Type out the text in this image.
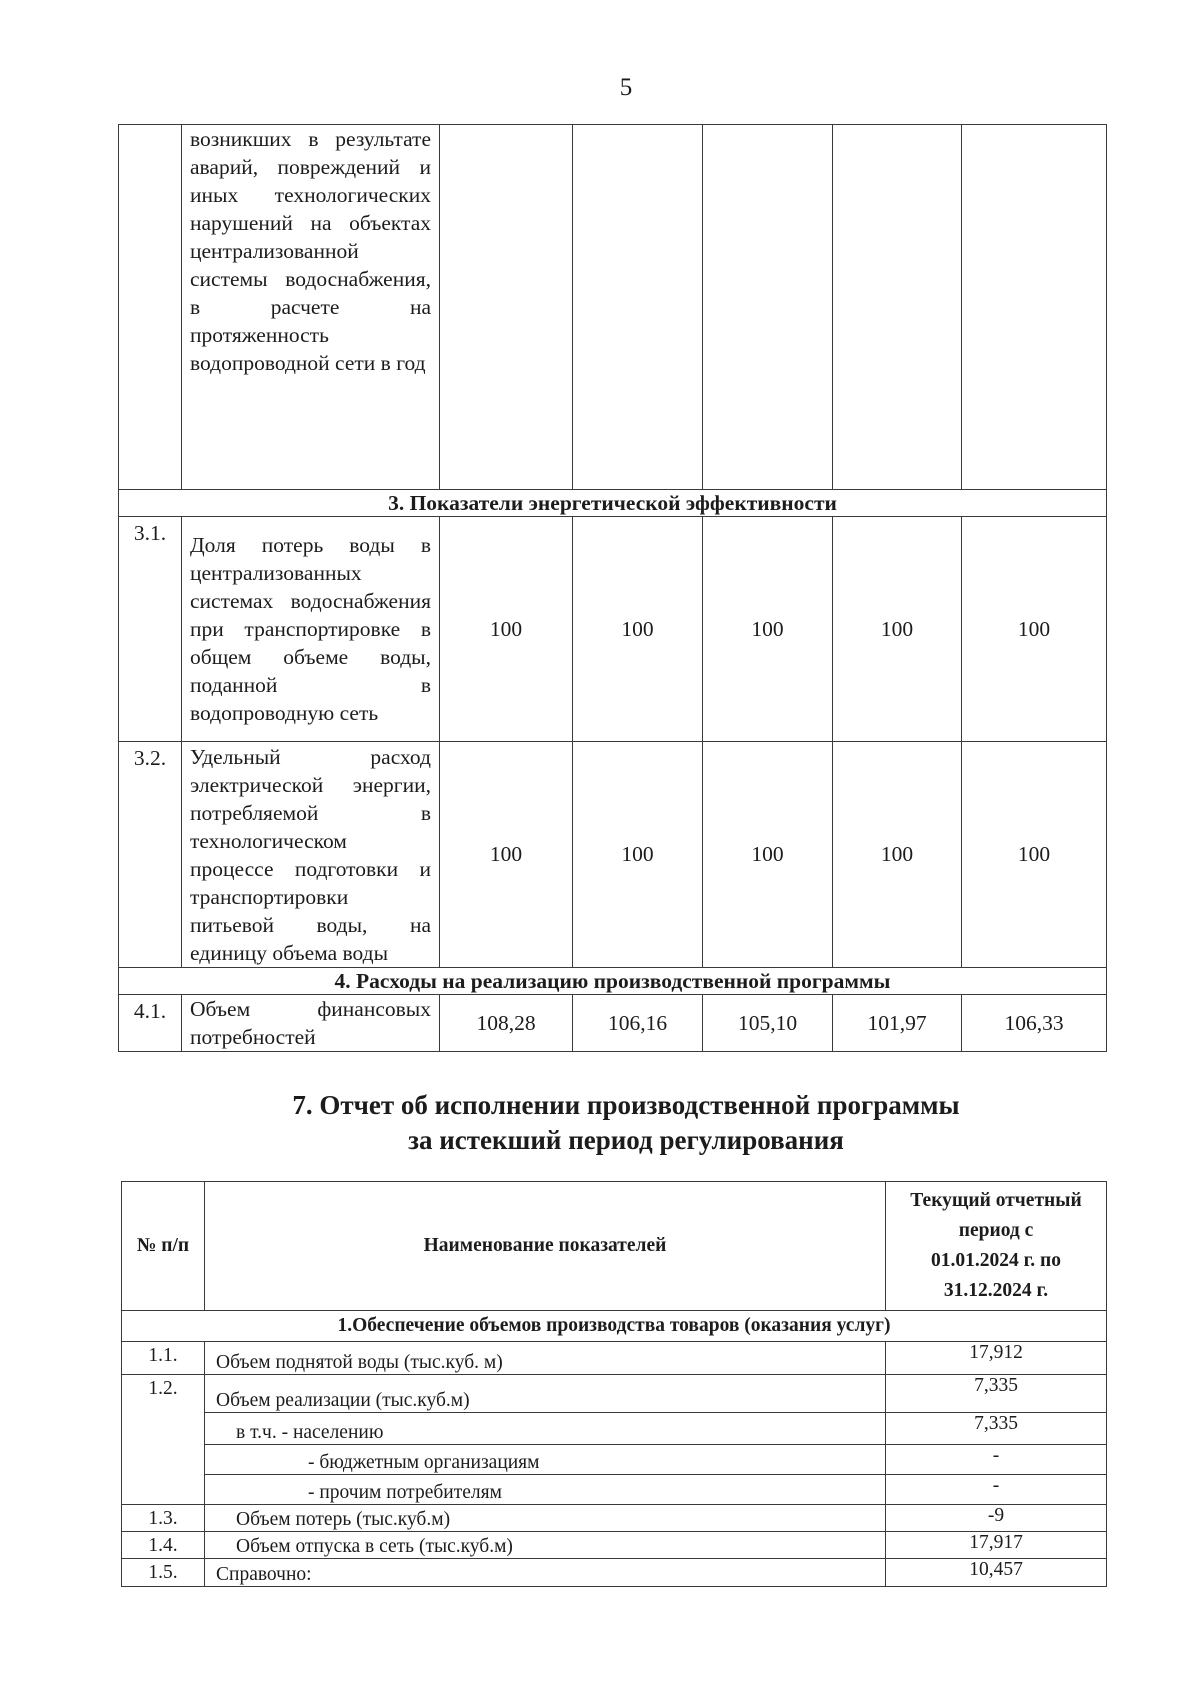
5
	возникших в результате аварий, повреждений и иных технологических нарушений на объектах централизованной системы водоснабжения, в расчете на протяженность водопроводной сети в год					
3. Показатели энергетической эффективности						
3.1.	Доля потерь воды в централизованных системах водоснабжения при транспортировке в общем объеме воды, поданной в водопроводную сеть	100	100	100	100	100
3.2.	Удельный расход электрической энергии, потребляемой в технологическом процессе подготовки и транспортировки питьевой воды, на единицу объема воды	100	100	100	100	100
4. Расходы на реализацию производственной программы						
4.1.	Объем финансовых потребностей	108,28	106,16	105,10	101,97	106,33
7. Отчет об исполнении производственной программы
за истекший период регулирования
№ п/п	Наименование показателей	Текущий отчетный
период с
01.01.2024 г. по
31.12.2024 г.

1.Обеспечение объемов производства товаров (оказания услуг)		
1.1.	Объем поднятой воды (тыс.куб. м)	17,912
1.2.	Объем реализации (тыс.куб.м)	7,335
	в т.ч. - населению	7,335
	- бюджетным организациям	-
	- прочим потребителям	-
1.3.	Объем потерь (тыс.куб.м)	-9
1.4.	Объем отпуска в сеть (тыс.куб.м)	17,917
1.5.	Справочно:	10,457
